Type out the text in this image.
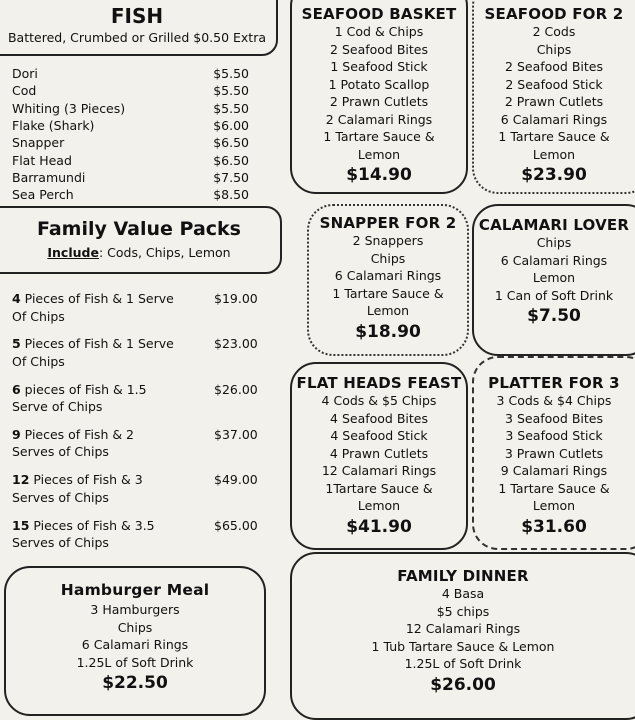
FISH
Battered, Crumbed or Grilled $0.50 Extra
Dori	$5.50
Cod	$5.50
Whiting (3 Pieces)	$5.50
Flake (Shark)	$6.00
Snapper	$6.50
Flat Head	$6.50
Barramundi	$7.50
Sea Perch	$8.50
Family Value Packs
Include: Cods, Chips, Lemon
4 Pieces of Fish & 1 Serve
Of Chips
$19.00
5 Pieces of Fish & 1 Serve
Of Chips
$23.00
6 pieces of Fish & 1.5
Serve of Chips
$26.00
9 Pieces of Fish & 2
Serves of Chips
$37.00
12 Pieces of Fish & 3
Serves of Chips
$49.00
15 Pieces of Fish & 3.5
Serves of Chips
$65.00
Hamburger Meal
3 Hamburgers
Chips
6 Calamari Rings
1.25L of Soft Drink
$22.50
SEAFOOD BASKET
1 Cod & Chips
2 Seafood Bites
1 Seafood Stick
1 Potato Scallop
2 Prawn Cutlets
2 Calamari Rings
1 Tartare Sauce &
Lemon
$14.90
SEAFOOD FOR 2
2 Cods
Chips
2 Seafood Bites
2 Seafood Stick
2 Prawn Cutlets
6 Calamari Rings
1 Tartare Sauce &
Lemon
$23.90
SNAPPER FOR 2
2 Snappers
Chips
6 Calamari Rings
1 Tartare Sauce &
Lemon
$18.90
CALAMARI LOVER
Chips
6 Calamari Rings
Lemon
1 Can of Soft Drink
$7.50
FLAT HEADS FEAST
4 Cods & $5 Chips
4 Seafood Bites
4 Seafood Stick
4 Prawn Cutlets
12 Calamari Rings
1Tartare Sauce &
Lemon
$41.90
PLATTER FOR 3
3 Cods & $4 Chips
3 Seafood Bites
3 Seafood Stick
3 Prawn Cutlets
9 Calamari Rings
1 Tartare Sauce &
Lemon
$31.60
FAMILY DINNER
4 Basa
$5 chips
12 Calamari Rings
1 Tub Tartare Sauce & Lemon
1.25L of Soft Drink
$26.00
